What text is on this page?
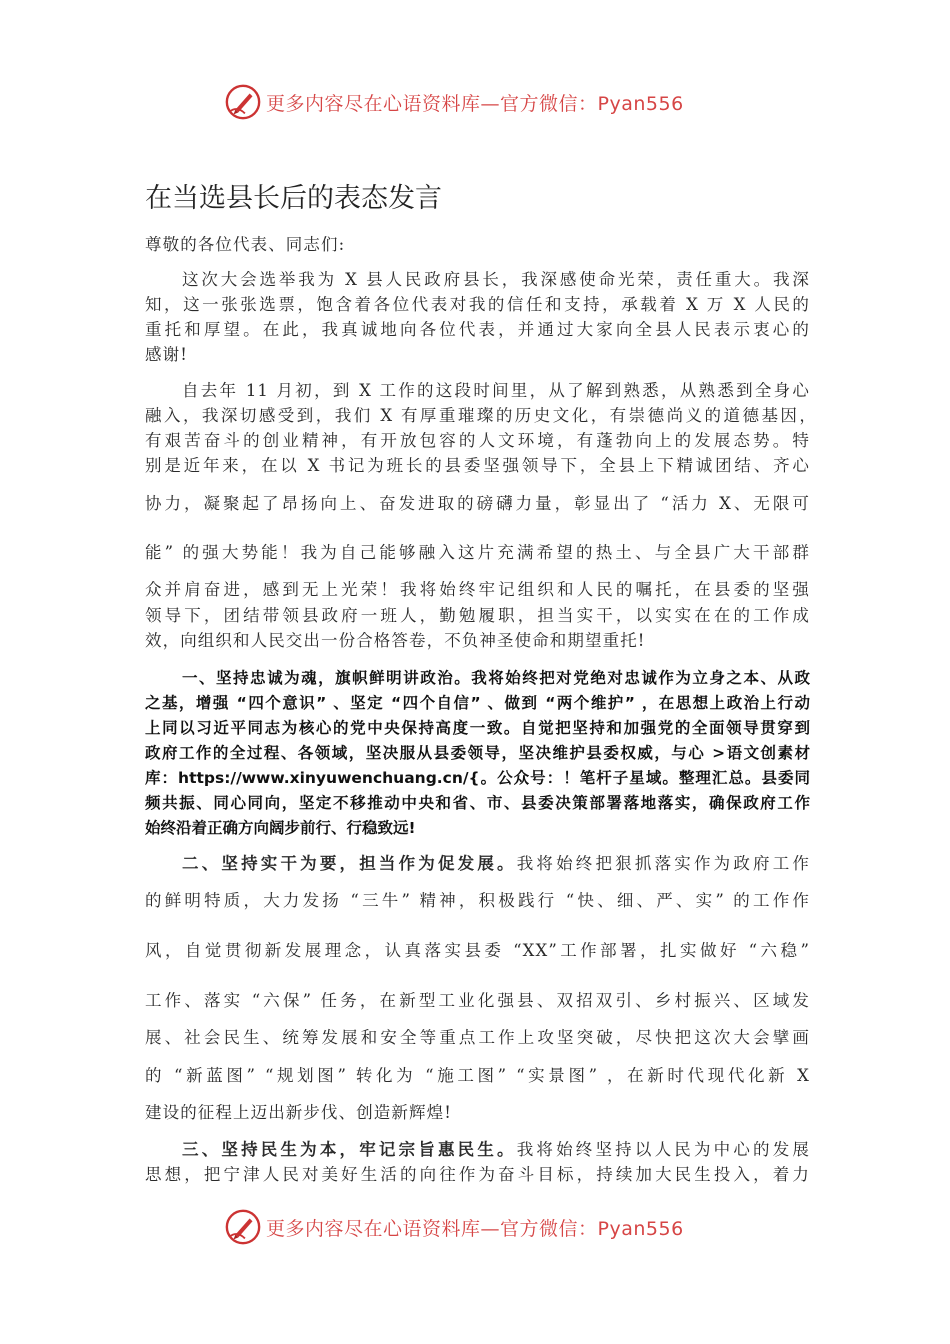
更多内容尽在心语资料库—官方微信：Pyan556
在当选县长后的表态发言
尊敬的各位代表、同志们:
这次大会选举我为 X 县人民政府县长，我深感使命光荣，责任重大。我深
知，这一张张选票，饱含着各位代表对我的信任和支持，承载着 X 万 X 人民的
重托和厚望。在此，我真诚地向各位代表，并通过大家向全县人民表示衷心的
感谢!
自去年 11 月初，到 X 工作的这段时间里，从了解到熟悉，从熟悉到全身心
融入，我深切感受到，我们 X 有厚重璀璨的历史文化，有崇德尚义的道德基因，
有艰苦奋斗的创业精神，有开放包容的人文环境，有蓬勃向上的发展态势。特
别是近年来，在以 X 书记为班长的县委坚强领导下，全县上下精诚团结、齐心
协力，凝聚起了昂扬向上、奋发进取的磅礴力量，彰显出了 “活力 X、无限可
能” 的强大势能！我为自己能够融入这片充满希望的热土、与全县广大干部群
众并肩奋进，感到无上光荣！我将始终牢记组织和人民的嘱托，在县委的坚强
领导下，团结带领县政府一班人，勤勉履职，担当实干，以实实在在的工作成
效，向组织和人民交出一份合格答卷，不负神圣使命和期望重托!
一、坚持忠诚为魂，旗帜鲜明讲政治。我将始终把对党绝对忠诚作为立身之本、从政
之基，增强 “四个意识” 、坚定 “四个自信” 、做到 “两个维护” ，在思想上政治上行动
上同以习近平同志为核心的党中央保持高度一致。自觉把坚持和加强党的全面领导贯穿到
政府工作的全过程、各领域，坚决服从县委领导，坚决维护县委权威，与心 >语文创素材
库：https://www.xinyuwenchuang.cn/{。公众号：！笔杆子星域。整理汇总。县委同
频共振、同心同向，坚定不移推动中央和省、市、县委决策部署落地落实，确保政府工作
始终沿着正确方向阔步前行、行稳致远!
二、坚持实干为要，担当作为促发展。我将始终把狠抓落实作为政府工作
的鲜明特质，大力发扬 “三牛” 精神，积极践行 “快、细、严、实” 的工作作
风，自觉贯彻新发展理念，认真落实县委 “XX”工作部署，扎实做好 “六稳”
工作、落实 “六保” 任务，在新型工业化强县、双招双引、乡村振兴、区域发
展、社会民生、统筹发展和安全等重点工作上攻坚突破，尽快把这次大会擘画
的 “新蓝图” “规划图” 转化为 “施工图” “实景图” ，在新时代现代化新 X
建设的征程上迈出新步伐、创造新辉煌!
三、坚持民生为本，牢记宗旨惠民生。我将始终坚持以人民为中心的发展
思想，把宁津人民对美好生活的向往作为奋斗目标，持续加大民生投入，着力
更多内容尽在心语资料库—官方微信：Pyan556
